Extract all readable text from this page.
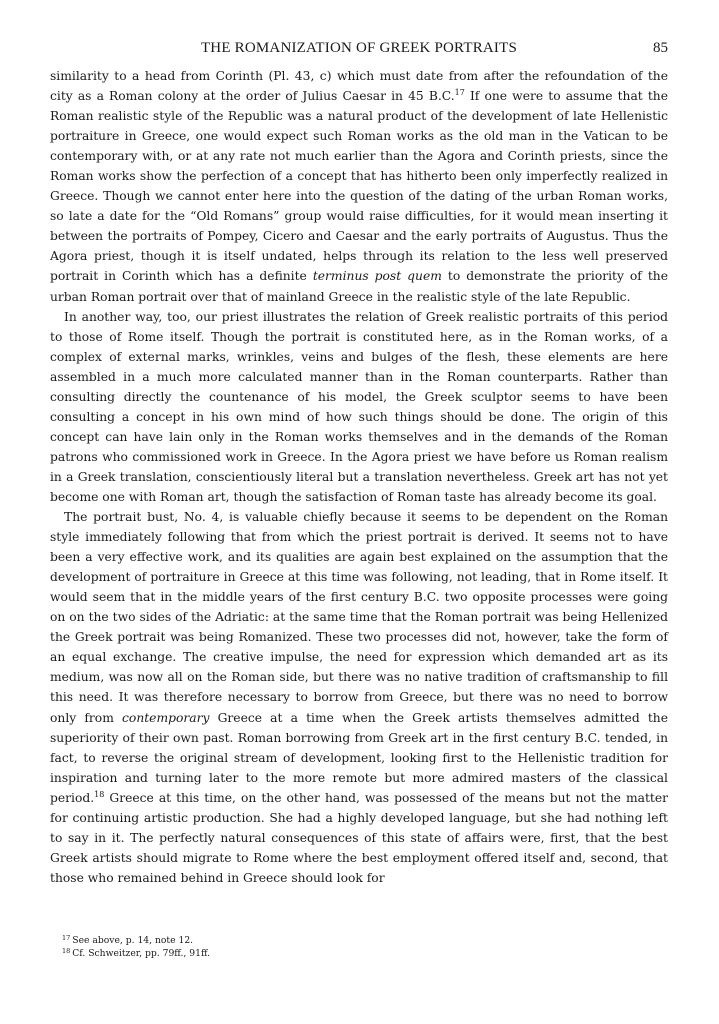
THE ROMANIZATION OF GREEK PORTRAITS	85

similarity to a head from Corinth (Pl. 43, c) which must date from after the refoundation of the city as a Roman colony at the order of Julius Caesar in 45 B.C.$^{17}$ If one were to assume that the Roman realistic style of the Republic was a natural product of the development of late Hellenistic portraiture in Greece, one would expect such Roman works as the old man in the Vatican to be contemporary with, or at any rate not much earlier than the Agora and Corinth priests, since the Roman works show the perfection of a concept that has hitherto been only imperfectly realized in Greece. Though we cannot enter here into the question of the dating of the urban Roman works, so late a date for the “Old Romans” group would raise difficulties, for it would mean inserting it between the portraits of Pompey, Cicero and Caesar and the early portraits of Augustus. Thus the Agora priest, though it is itself undated, helps through its relation to the less well preserved portrait in Corinth which has a definite terminus post quem to demonstrate the priority of the urban Roman portrait over that of mainland Greece in the realistic style of the late Republic.

In another way, too, our priest illustrates the relation of Greek realistic portraits of this period to those of Rome itself. Though the portrait is constituted here, as in the Roman works, of a complex of external marks, wrinkles, veins and bulges of the flesh, these elements are here assembled in a much more calculated manner than in the Roman counterparts. Rather than consulting directly the countenance of his model, the Greek sculptor seems to have been consulting a concept in his own mind of how such things should be done. The origin of this concept can have lain only in the Roman works themselves and in the demands of the Roman patrons who commissioned work in Greece. In the Agora priest we have before us Roman realism in a Greek translation, conscientiously literal but a translation nevertheless. Greek art has not yet become one with Roman art, though the satisfaction of Roman taste has already become its goal.

The portrait bust, No. 4, is valuable chiefly because it seems to be dependent on the Roman style immediately following that from which the priest portrait is derived. It seems not to have been a very effective work, and its qualities are again best explained on the assumption that the development of portraiture in Greece at this time was following, not leading, that in Rome itself. It would seem that in the middle years of the first century B.C. two opposite processes were going on on the two sides of the Adriatic: at the same time that the Roman portrait was being Hellenized the Greek portrait was being Romanized. These two processes did not, however, take the form of an equal exchange. The creative impulse, the need for expression which demanded art as its medium, was now all on the Roman side, but there was no native tradition of craftsmanship to fill this need. It was therefore necessary to borrow from Greece, but there was no need to borrow only from contemporary Greece at a time when the Greek artists themselves admitted the superiority of their own past. Roman borrowing from Greek art in the first century B.C. tended, in fact, to reverse the original stream of development, looking first to the Hellenistic tradition for inspiration and turning later to the more remote but more admired masters of the classical period.$^{18}$ Greece at this time, on the other hand, was possessed of the means but not the matter for continuing artistic production. She had a highly developed language, but she had nothing left to say in it. The perfectly natural consequences of this state of affairs were, first, that the best Greek artists should migrate to Rome where the best employment offered itself and, second, that those who remained behind in Greece should look for

$^{17}$ See above, p. 14, note 12.

$^{18}$ Cf. Schweitzer, pp. 79ff., 91ff.
